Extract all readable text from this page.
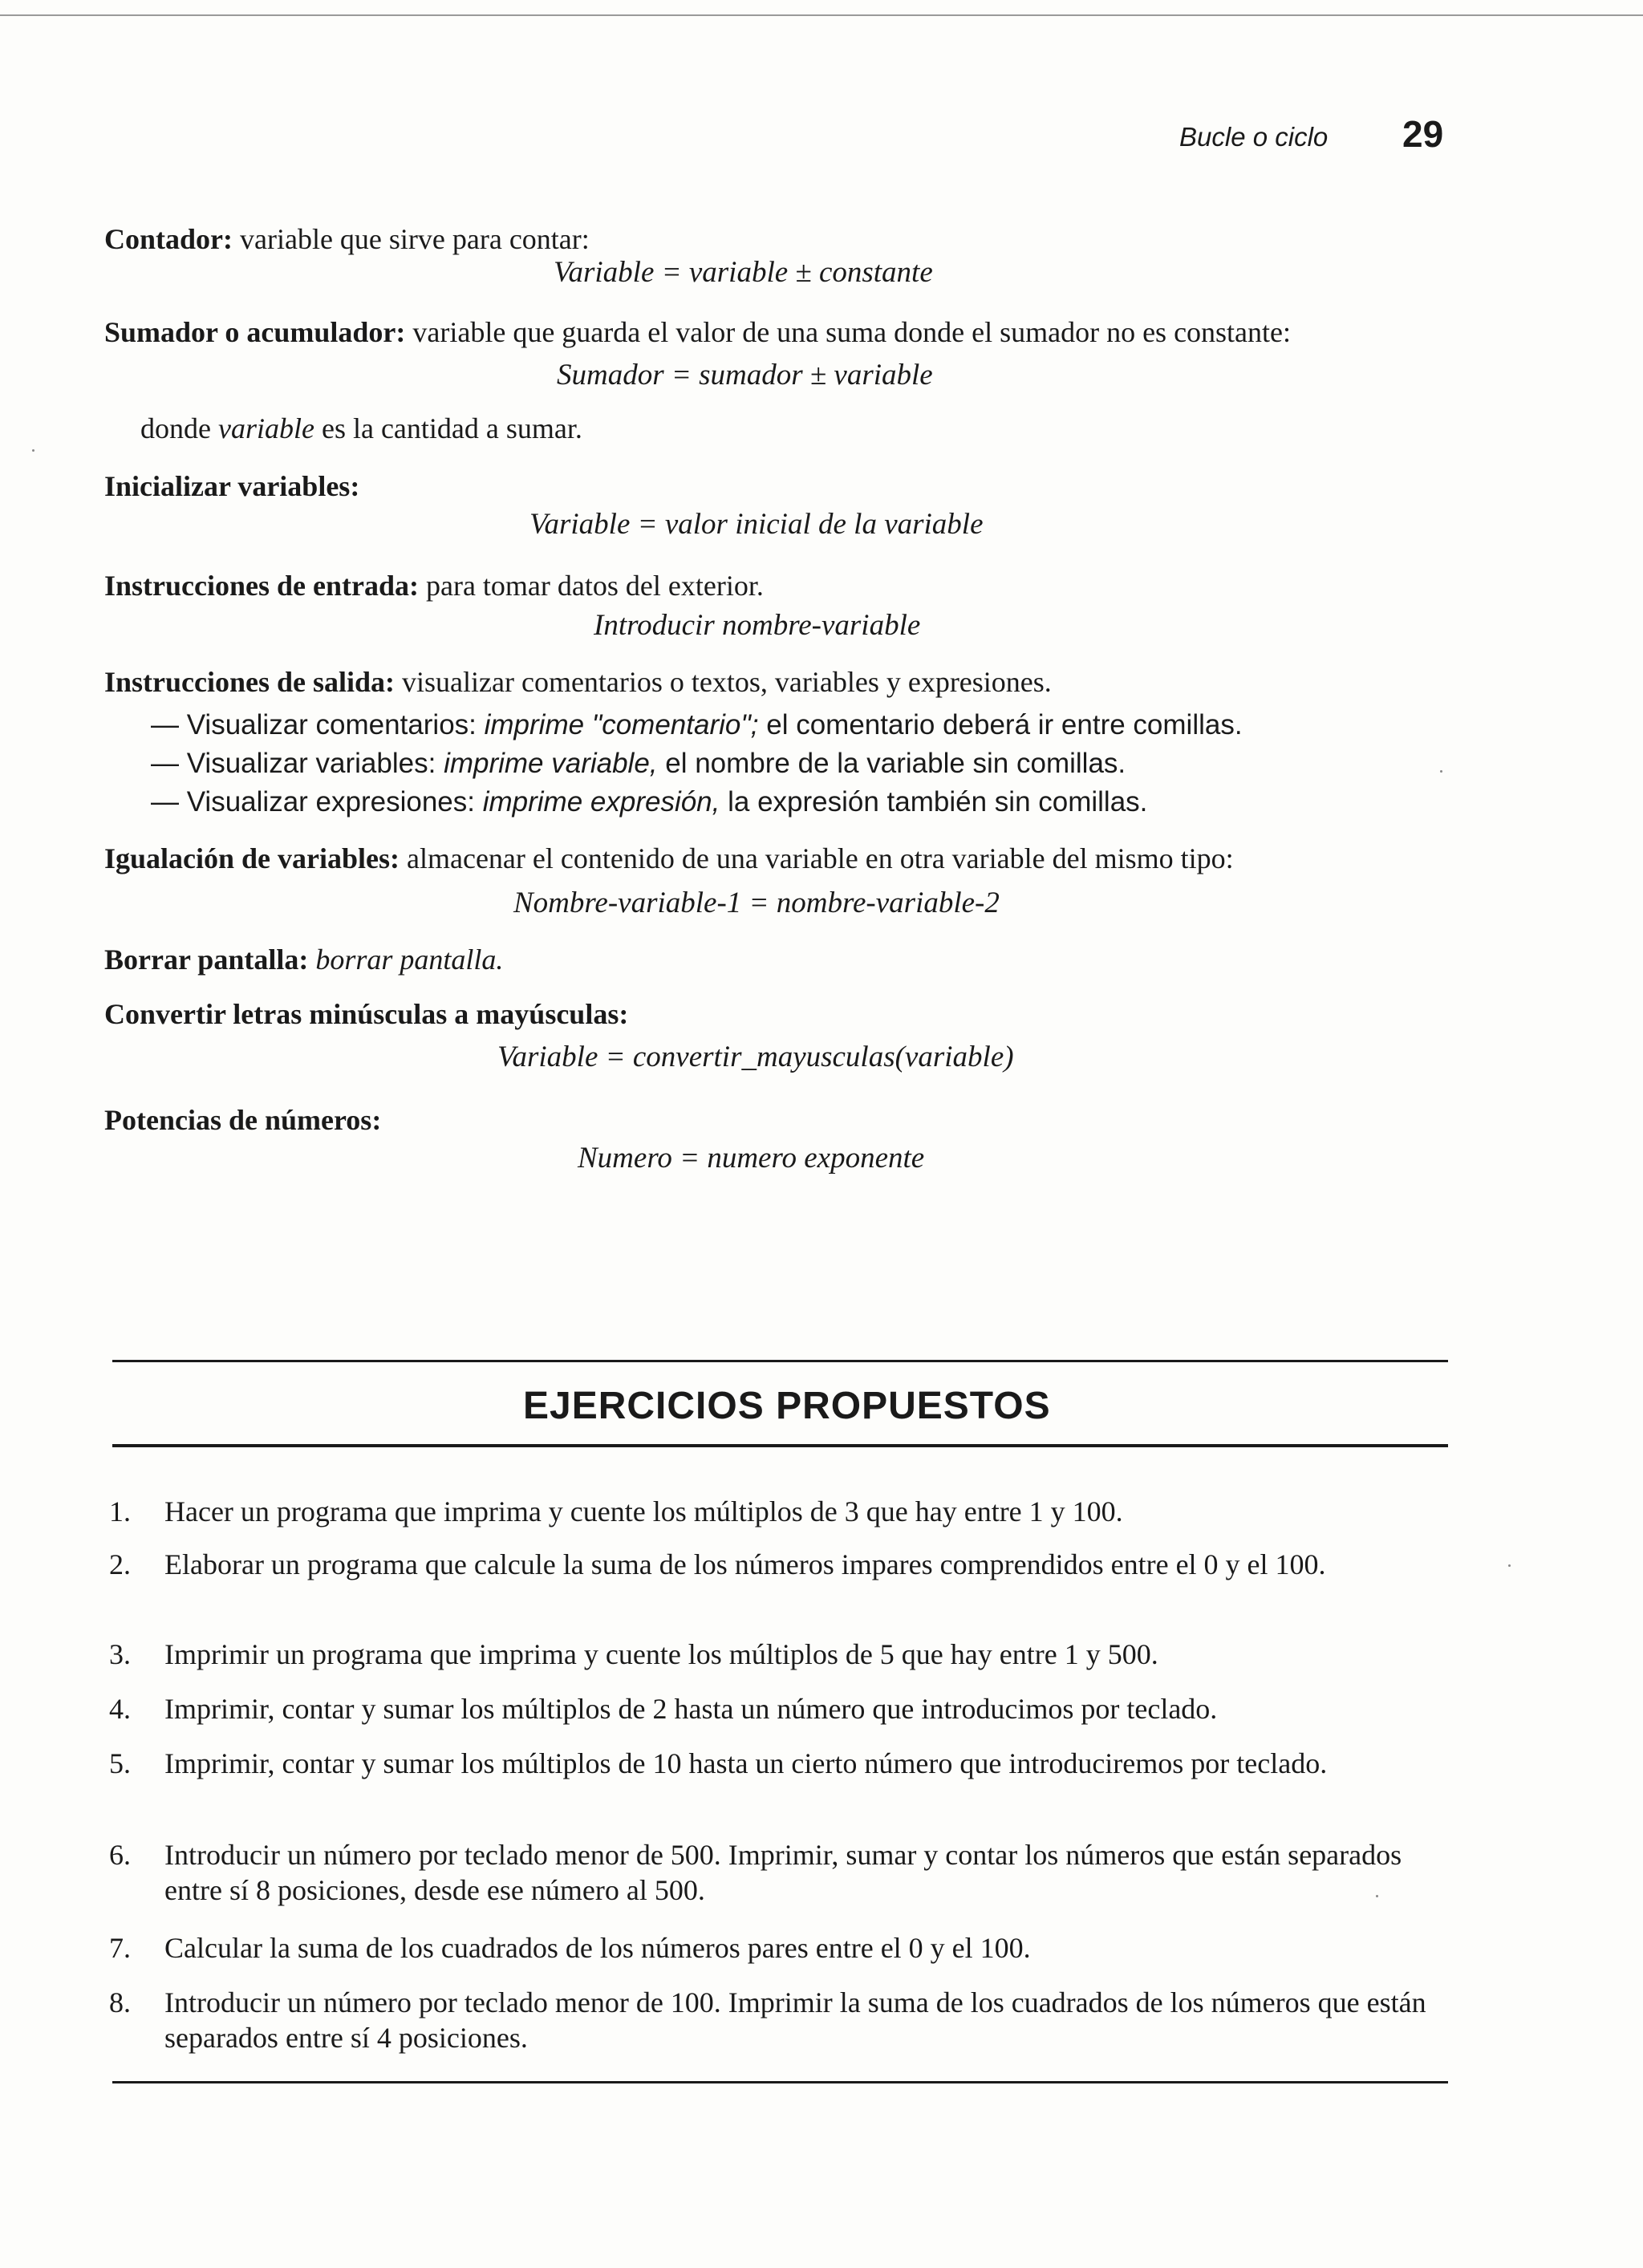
Bucle o ciclo 29
Contador: variable que sirve para contar:
Variable = variable ± constante
Sumador o acumulador: variable que guarda el valor de una suma donde el sumador no es constante:
Sumador = sumador ± variable
donde variable es la cantidad a sumar.
Inicializar variables:
Variable = valor inicial de la variable
Instrucciones de entrada: para tomar datos del exterior.
Introducir nombre-variable
Instrucciones de salida: visualizar comentarios o textos, variables y expresiones.
— Visualizar comentarios: imprime "comentario"; el comentario deberá ir entre comillas.
— Visualizar variables: imprime variable, el nombre de la variable sin comillas.
— Visualizar expresiones: imprime expresión, la expresión también sin comillas.
Igualación de variables: almacenar el contenido de una variable en otra variable del mismo tipo:
Nombre-variable-1 = nombre-variable-2
Borrar pantalla: borrar pantalla.
Convertir letras minúsculas a mayúsculas:
Variable = convertir_mayusculas(variable)
Potencias de números:
Numero = numero exponente
EJERCICIOS PROPUESTOS
1. Hacer un programa que imprima y cuente los múltiplos de 3 que hay entre 1 y 100.
2. Elaborar un programa que calcule la suma de los números impares comprendidos entre el 0 y el 100.
3. Imprimir un programa que imprima y cuente los múltiplos de 5 que hay entre 1 y 500.
4. Imprimir, contar y sumar los múltiplos de 2 hasta un número que introducimos por teclado.
5. Imprimir, contar y sumar los múltiplos de 10 hasta un cierto número que introduciremos por teclado.
6. Introducir un número por teclado menor de 500. Imprimir, sumar y contar los números que están separados entre sí 8 posiciones, desde ese número al 500.
7. Calcular la suma de los cuadrados de los números pares entre el 0 y el 100.
8. Introducir un número por teclado menor de 100. Imprimir la suma de los cuadrados de los números que están separados entre sí 4 posiciones.
